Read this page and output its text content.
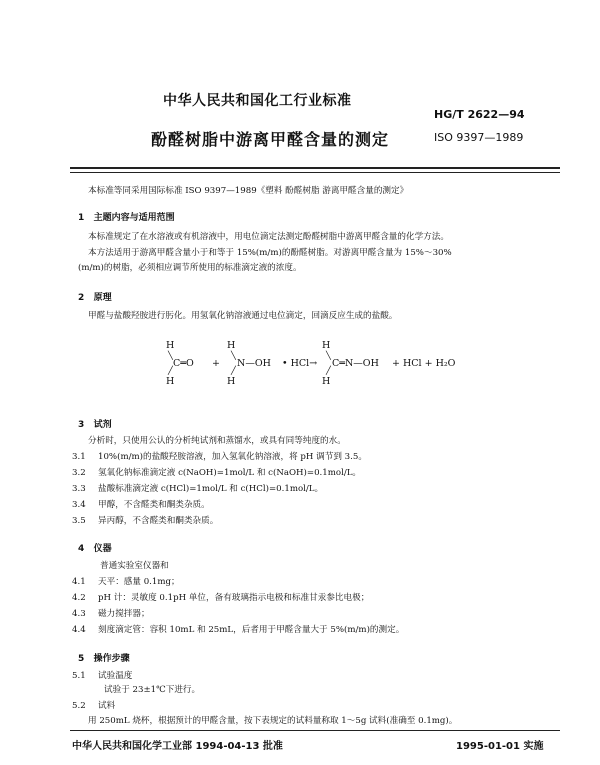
中华人民共和国化工行业标准
HG/T 2622—94
酚醛树脂中游离甲醛含量的测定	ISO 9397—1989
本标准等同采用国际标准 ISO 9397—1989《塑料 酚醛树脂 游离甲醛含量的测定》
1 主题内容与适用范围
本标准规定了在水溶液或有机溶液中，用电位滴定法测定酚醛树脂中游离甲醛含量的化学方法。
本方法适用于游离甲醛含量小于和等于 15%(m/m)的酚醛树脂。对游离甲醛含量为 15%～30%
(m/m)的树脂，必须相应调节所使用的标准滴定液的浓度。
2 原理
甲醛与盐酸羟胺进行肟化。用氢氧化钠溶液通过电位滴定，回滴反应生成的盐酸。
H
╲
C═O
╱
H
+
H
╲
N—OH
╱
H
• HCl→
H
╲
C═N—OH
╱
H
+ HCl + H₂O
3 试剂
分析时，只使用公认的分析纯试剂和蒸馏水，或具有同等纯度的水。
3.1 10%(m/m)的盐酸羟胺溶液，加入氢氧化钠溶液，将 pH 调节到 3.5。
3.2 氢氧化钠标准滴定液 c(NaOH)=1mol/L 和 c(NaOH)=0.1mol/L。
3.3 盐酸标准滴定液 c(HCl)=1mol/L 和 c(HCl)=0.1mol/L。
3.4 甲醇，不含醛类和酮类杂质。
3.5 异丙醇，不含醛类和酮类杂质。
4 仪器
普通实验室仪器和
4.1 天平：感量 0.1mg；
4.2 pH 计：灵敏度 0.1pH 单位，备有玻璃指示电极和标准甘汞参比电极；
4.3 磁力搅拌器；
4.4 刻度滴定管：容积 10mL 和 25mL，后者用于甲醛含量大于 5%(m/m)的测定。
5 操作步骤
5.1 试验温度
试验于 23±1℃下进行。
5.2 试料
用 250mL 烧杯，根据预计的甲醛含量，按下表规定的试料量称取 1～5g 试料(准确至 0.1mg)。
中华人民共和国化学工业部 1994-04-13 批准	1995-01-01 实施
